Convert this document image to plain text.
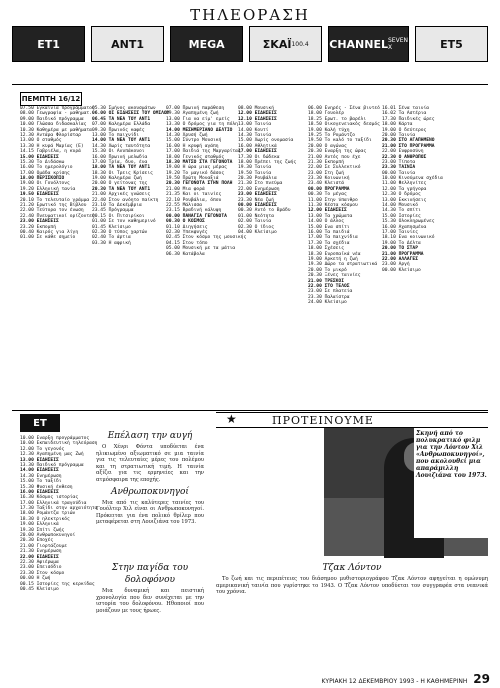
ΤΗΛΕΟΡΑΣΗ
ET1	ANT1	MEGA	ΣΚΑΪ 100.4 CHANNEL SEVEN X	ET5
ΠΕΜΠΤΗ 16/12
07.50 Εγκαίνια προγράμματος
08.00 Γεωγραφία - μαθηματ.
09.00 Παιδικό πρόγραμμα
10.00 Γλώσσα διδασκαλίας
10.30 Καθημέρα με μαθήματα
12.30 Αντάρα Φλορίσταρ
13.00 Ο σταθμός
13.30 Η κυρά Μαρίας (Ε)
14.15 Γαβριέλα, η κυρά
15.00 ΕΙΔΗΣΕΙΣ
15.30 Το Διδάσκω
16.00 Το ημερολόγιο
17.00 Ομάδα κρίσης
18.00 ΠΕΡΙΣΚΟΠΙΟ
19.00 Οι Γουόλτονς
19.20 Ελληνική τανία
19.50 ΕΙΔΗΣΕΙΣ
20.10 Το τελευταίο γράμμα
21.20 Ερωτικό της Βίβλου
22.00 Τεύτορα τον ένωση
22.40 Πνευματικοί ορίζοντες
23.00 ΕΙΔΗΣΕΙΣ
23.20 Εκπομπή
00.40 Καιρός για λίγη
01.00 Σε κάθε σημείο
05.30 Σμήνος ακουσμάτων
06.00 ΟΙ ΕΙΔΗΣΕΙΣ ΤΟΥ ΟΜΙΛΟΥ
06.45 ΤΑ ΝΕΑ ΤΟΥ ΑΝΤ1
07.00 Καλημέρα Ελλάδα
09.30 Πρωινός καφές
13.00 Το παιχνίδι
14.00 ΤΑ ΝΕΑ ΤΟΥ ΑΝΤ1
14.30 Χωρίς ταυτότητα
15.30 Οι Ανυπάκουοι
16.00 Πρωινή μελωδία
17.00 Τρία, δυο, ένα
18.00 ΤΑ ΝΕΑ ΤΟΥ ΑΝΤ1
18.30 Οι Τρεις Κρίσεις
19.00 Καλημέρα ζωή
20.00 Ο γείτονας της
20.30 ΤΑ ΝΕΑ ΤΟΥ ΑΝΤ1
21.00 Αρχικές γνώσεις
22.40 Στον ανόητο παίκτη
23.10 Τα Δεκέμβρια
23.45 Πρόγραμμα
00.15 Οι Πιτσιρίκοι
01.00 Σε τον καθημερινό
01.45 Κλείσιμο
02.30 Ο τύπος χαρτών
02.40 Το άρτια
03.30 Η αφρική
07.00 Πρωινή παράθεση
09.30 Αγαπημένη ζωή
13.00 Για να είμ' εμείς
13.30 Ο δρόμος για τη πόλη
14.00 ΜΕΣΗΜΕΡΙΑΝΟ ΔΕΛΤΙΟ
14.30 Χρυσή ζωή
15.00 Σύντρο Μουσική
16.00 Η κρυφή αγάπη
17.00 Παιδιά της Μαργαρίτας
18.00 Γενικός σταθμός
18.30 ΜΑΤΣΟ ΣΤΑ ΓΕΓΟΝΟΤΑ
19.00 Η ώρα μιας μέρας
19.20 Το μαγικό δάσος
19.50 Πρώτη Μοναξιά
20.30 ΓΕΓΟΝΟΤΑ ΣΤΗΝ ΠΟΛΗ
21.00 Μια φορά
21.35 Και οι ταινίες
22.10 Ρουβάλια, όπου
22.55 Μάλισσα
23.15 Βραδινή κάλυψη
00.00 ΠΑΝΑΓΙΑ ΓΕΓΟΝΟΤΑ
00.30 Ο ΚΟΣΜΟΣ
01.10 Διηγήσεις
02.30 Υπεκφυγές
02.45 Στον κόσμο της μουσικής
04.15 Στον τόπο
05.00 Μουσική με τα μάτια
06.30 Κατάβολα
08.00 Μουσική
12.00 ΕΙΔΗΣΕΙΣ
12.10 ΕΙΔΗΣΕΙΣ
13.00 Ταινία
14.00 Κουτί
14.30 Ταινία
15.00 Χωρίς ονομασία
16.00 Αθλητικά
17.00 ΕΙΔΗΣΕΙΣ
17.30 Οι δώδεκα
18.00 Πρέπει της ζωής
19.30 Ταινία
19.50 Ταινία
20.30 Ρουβάλια
21.30 Στο πνεύμα
22.00 Ενημέρωση
23.00 ΕΙΔΗΣΕΙΣ
23.30 Νέα ζωή
00.00 ΕΙΔΗΣΕΙΣ
00.30 Αυτό το Βράδυ
01.00 Νεότητα
02.00 Ταινία
02.30 Ο ίδιος
04.00 Κλείσιμο
06.00 Ενηρές - Σένα βιντεό
18.00 Γουολέρ
18.25 Ερωτ. το βαρέλι
18.50 Οικογενειακός δεσμός
19.00 Καλή τύχη
19.25 Το Ρομάντζο
19.50 Το καλό το ταξίδι
20.00 Ο αγώνας
20.30 Εναρξη της ώρας
21.00 Αυτός που έχε
21.30 Εκπομπή
22.00 Σε Συλλεκτικό
23.00 Στη ζωή
23.30 Κοινωνική
23.40 Κλειστά
00.00 ΠΡΟΓΡΑΜΜΑ
00.30 Το μέγας
11.00 Στην ύπαιθρο
11.30 Κέστα κόσμου
12.00 ΕΙΔΗΣΕΙΣ
13.00 Τα χρώματα
14.00 Ο άλλος
15.00 Ενα σπίτι
16.00 Τα παιδιά
17.00 Τα παιχνίδια
17.30 Τα σχέδια
18.00 Σχέσεις
18.30 Ευροπαϊκά νέα
19.00 Αρκετή η ζωή
19.30 Δώρο τα στρατιωτικά
20.00 Το μικρό
20.30 Ξένες ταινίες
21.00 ΤΡΕΣΚΟΙ
22.00 ΣΤΟ ΤΕΛΟΣ
23.00 Σε πλατεία
23.30 Παλαίστρα
24.00 Κλείσιμο
16.01 Σένα ταινία
16.02 Τα Αστέρια
17.30 Παιδικές ώρες
18.00 Κάρτα
19.00 Ο δεύτερος
20.00 Ταινία
20.30 ΣΤΟ ΑΓΑΠΗΜΕΝΟ
21.00 ΣΤΟ ΠΡΟΓΡΑΜΜΑ
22.00 Ευφροσύνη
22.30 Ο ΑΝΘΡΩΠΟΣ
23.00 Τίποτα
23.30 ΤΑΙΝΙΑ
00.00 Ταινία
10.00 Κινούμενα σχέδια
11.00 Φελληνίτες
12.00 Τα γρήγορα
12.30 Ο δρόμος
13.00 Εκκινήσεις
14.00 Μουσικό
14.30 Το σπίτι
15.00 Ιστορίες
15.30 Ολοκληρωμένες
16.00 Αχαπησμένα
17.00 Ταινίες
18.10 Ενα κοινωνικό
19.00 Το Δέλτα
20.00 ΤΟ ΣΤΑΡ
21.00 ΠΡΟΓΡΑΜΜΑ
22.00 ΑΛΛΑΓΕΣ
23.00 Αργή
00.00 Κλείσιμο
ΕΤ
10.00 Εναρξη προγράμματος
10.00 Εκπαιδευτική τηλεόραση
12.00 Το γεγονός
12.30 Αγαπημένη μας Ζωή
13.00 ΕΙΔΗΣΕΙΣ
13.30 Παιδικό πρόγραμμα
14.00 ΕΙΔΗΣΕΙΣ
14.30 Ενημέρωση
15.00 Το ταξίδι
15.30 Φυσική έκθεση
16.00 ΕΙΔΗΣΕΙΣ
16.30 Κόσμος ιστορίας
17.00 Ελληνικά τραγούδια
17.30 Ταξίδι στην αρχαιότητα
18.00 Ρομάντζα τριών
18.30 Ο ηλεκτρικός
19.00 Ελληνικά
19.30 Σπίτι ζωής
20.00 Ανθρωποκυνηγοί
20.30 Εποχές
21.00 Γιορτάζουμε
21.30 Ενημέρωση
22.00 ΕΙΔΗΣΕΙΣ
22.30 Αφιέρωμα
23.00 Επεισόδιο
23.30 Στον κόσμο
00.00 Η ζωή
00.15 Ιστορίες της κερκίδας
00.45 Κλείσιμο
ΠΡΟΤΕΙΝΟΥΜΕ
★
Επέλαση την αυγή

Ο Χένρι Φόντα υποδύεται ένα ηλικιωμένο αξιωματικό σε μια ταινία για τις τελευταίες μέρες του πολέμου και τη στρατιωτική τιμή. Η ταινία αξίζει για τις ερμηνείες και την ατμόσφαιρα της εποχής.

Ανθρωποκυνηγοί

Μια από τις καλύτερες ταινίες του Γουόλτερ Χιλ είναι οι Ανθρωποκυνηγοί. Πρόκειται για ένα πολικό θρίλερ που μεταφέρεται στη Λουιζιάνα του 1973.

Στην παγίδα του δολοφόνου

Μια δυναμική και πειστική χρονολογία που δεν συνέχεται με την ιστορία του δολοφόνου. Ηθοποιοί που μοιάζουν με τους ήρωες.

Σκηνή από το πολυκρατικό φιλμ για την Λόντον Χιλ «Ανθρωποκυνηγοί», που ακολουθεί μια απαράμιλλη Λουιζιάνα του 1973.
Τζακ Λόντον

Το ζωή και τις περιπέτειες του διάσημου μυθιστοριογράφου Τζακ Λόντον αφηγείται η ομώνυμη αμερικανική ταινία που γυρίστηκε το 1943. Ο Τζακ Λόντον υποδύεται τον συγγραφέα στα νεανικά του χρόνια.

ΚΥΡΙΑΚΗ 12 ΔΕΚΕΜΒΡΙΟΥ 1993 - Η ΚΑΘΗΜΕΡΙΝΗ 29
